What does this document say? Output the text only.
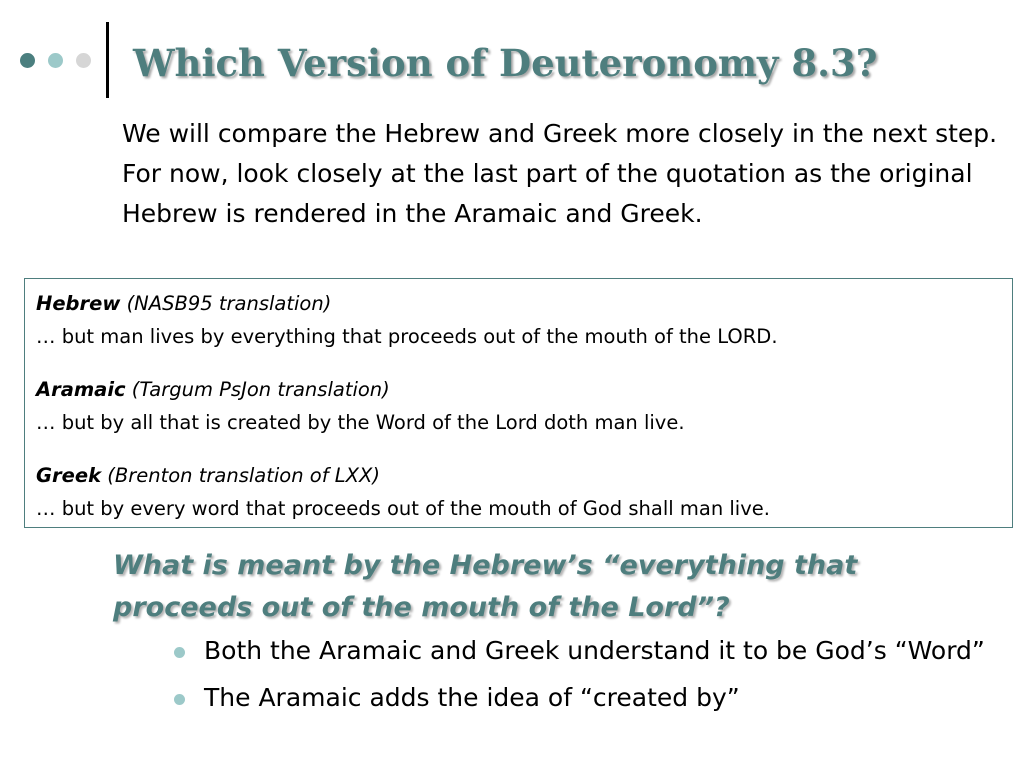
Which Version of Deuteronomy 8.3?

We will compare the Hebrew and Greek more closely in the next step. For now, look closely at the last part of the quotation as the original Hebrew is rendered in the Aramaic and Greek.

Hebrew (NASB95 translation)
… but man lives by everything that proceeds out of the mouth of the LORD.
Aramaic (Targum PsJon translation)
… but by all that is created by the Word of the Lord doth man live.
Greek (Brenton translation of LXX)
… but by every word that proceeds out of the mouth of God shall man live.

What is meant by the Hebrew’s “everything that proceeds out of the mouth of the Lord”?

Both the Aramaic and Greek understand it to be God’s “Word”
The Aramaic adds the idea of “created by”
